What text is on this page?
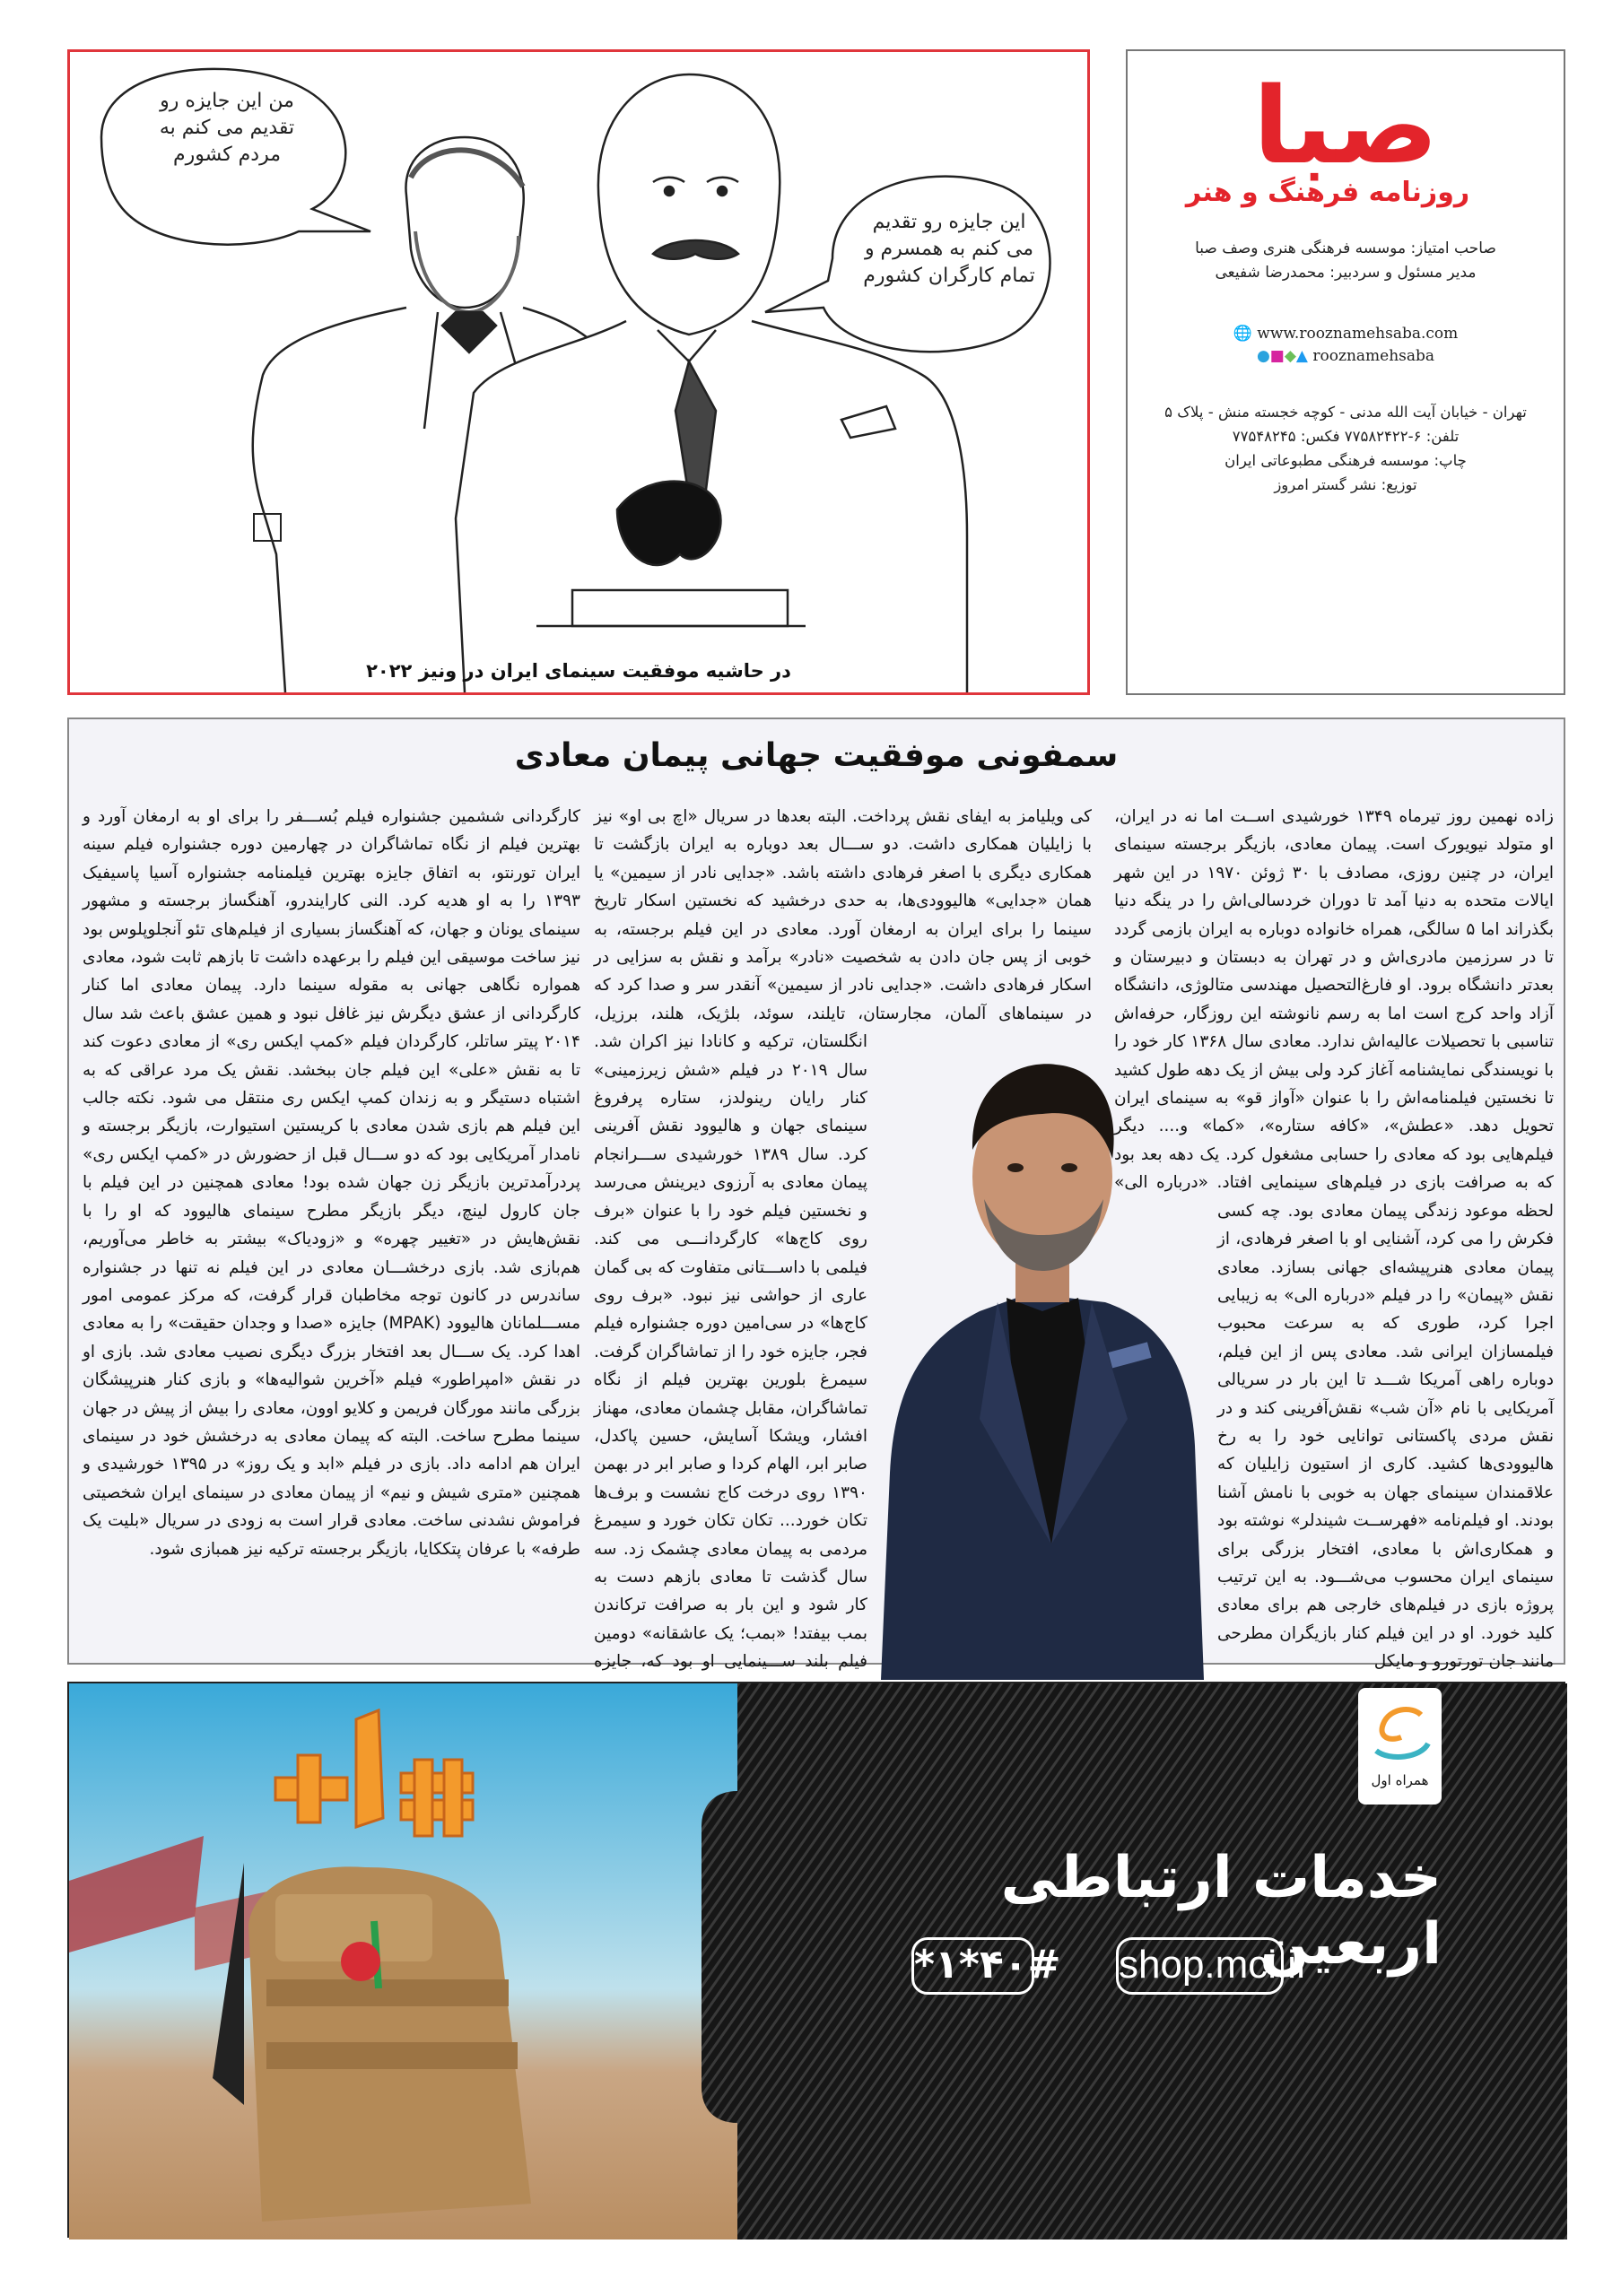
من این جایزه رو
تقدیم می کنم به
مردم کشورم
این جایزه رو تقدیم
می کنم به همسرم و
تمام کارگران کشورم
در حاشیه موفقیت سینمای ایران در ونیز ۲۰۲۲
صبا
روزنامه فرهنگ و هنر
صاحب امتیاز: موسسه فرهنگی هنری وصف صبا
مدیر مسئول و سردبیر: محمدرضا شفیعی
🌐 www.rooznamehsaba.com
●■◆▲ rooznamehsaba
تهران - خیابان آیت الله مدنی - کوچه خجسته منش - پلاک ۵
تلفن: ۶-۷۷۵۸۲۴۲۲ فکس: ۷۷۵۴۸۲۴۵
چاپ: موسسه فرهنگی مطبوعاتی ایران
توزیع: نشر گستر امروز
سمفونی موفقیت جهانی پیمان معادی
زاده نهمین روز تیرماه ۱۳۴۹ خورشیدی اســت اما نه در ایران، او متولد نیویورک است. پیمان معادی، بازیگر برجسته سینمای ایران، در چنین روزی، مصادف با ۳۰ ژوئن ۱۹۷۰ در این شهر ایالات متحده به دنیا آمد تا دوران خردسالی‌اش را در ینگه دنیا بگذراند اما ۵ سالگی، همراه خانواده دوباره به ایران بازمی گردد تا در سرزمین مادری‌اش و در تهران به دبستان و دبیرستان و بعدتر دانشگاه برود. او فارغ‌التحصیل مهندسی متالوژی، دانشگاه آزاد واحد کرج است اما به رسم نانوشته این روزگار، حرفه‌اش تناسبی با تحصیلات عالیه‌اش ندارد. معادی سال ۱۳۶۸ کار خود را با نویسندگی نمایشنامه آغاز کرد ولی بیش از یک دهه طول کشید تا نخستین فیلمنامه‌اش را با عنوان «آواز قو» به سینمای ایران تحویل دهد. «عطش»، «کافه ستاره»، «کما» و.... دیگر فیلم‌هایی بود که معادی را حسابی مشغول کرد. یک دهه بعد بود که به صرافت بازی در فیلم‌های سینمایی افتاد. «درباره الی» لحظه موعود زندگی پیمان معادی بود. چه کسی فکرش را می کرد، آشنایی او با اصغر فرهادی، از پیمان معادی هنرپیشه‌ای جهانی بسازد. معادی نقش «پیمان» را در فیلم «درباره الی» به زیبایی اجرا کرد، طوری که به سرعت محبوب فیلمسازان ایرانی شد. معادی پس از این فیلم، دوباره راهی آمریکا شـــد تا این بار در سریالی آمریکایی با نام «آن شب» نقش‌آفرینی کند و در نقش مردی پاکستانی توانایی خود را به رخ هالیوودی‌ها کشید. کاری از استیون زایلیان که علاقمندان سینمای جهان به خوبی با نامش آشنا بودند. او فیلم‌نامه «فهرســت شیندلر» نوشته بود و همکاری‌اش با معادی، افتخار بزرگی برای سینمای ایران محسوب می‌شـــود. به این ترتیب پروژه بازی در فیلم‌های خارجی هم برای معادی کلید خورد. او در این فیلم کنار بازیگران مطرحی مانند جان تورتورو و مایکل
کی ویلیامز به ایفای نقش پرداخت. البته بعدها در سریال «اچ بی او» نیز با زایلیان همکاری داشت. دو ســـال بعد دوباره به ایران بازگشت تا همکاری دیگری با اصغر فرهادی داشته باشد. «جدایی نادر از سیمین» یا همان «جدایی» هالیوودی‌ها، به حدی درخشید که نخستین اسکار تاریخ سینما را برای ایران به ارمغان آورد. معادی در این فیلم برجسته، به خوبی از پس جان دادن به شخصیت «نادر» برآمد و نقش به سزایی در اسکار فرهادی داشت. «جدایی نادر از سیمین» آنقدر سر و صدا کرد که در سینماهای آلمان، مجارستان، تایلند، سوئد، بلژیک، هلند، برزیل، انگلستان، ترکیه و کانادا نیز اکران شد. سال ۲۰۱۹ در فیلم «شش زیرزمینی» کنار رایان رینولدز، ستاره پرفروغ سینمای جهان و هالیوود نقش آفرینی کرد. سال ۱۳۸۹ خورشیدی ســـرانجام پیمان معادی به آرزوی دیرینش می‌رسد و نخستین فیلم خود را با عنوان «برف روی کاج‌ها» کارگردانـــی می کند. فیلمی با داســـتانی متفاوت که بی گمان عاری از حواشی نیز نبود. «برف روی کاج‌ها» در سی‌امین دوره جشنواره فیلم فجر، جایزه خود را از تماشاگران گرفت. سیمرغ بلورین بهترین فیلم از نگاه تماشاگران، مقابل چشمان معادی، مهناز افشار، ویشکا آسایش، حسین پاکدل، صابر ابر، الهام کردا و صابر ابر در بهمن ۱۳۹۰ روی درخت کاج نشست و برف‌ها تکان خورد... تکان تکان خورد و سیمرغ مردمی به پیمان معادی چشمک زد. سه سال گذشت تا معادی بازهم دست به کار شود و این بار به صرافت ترکاندن بمب بیفتد! «بمب؛ یک عاشقانه» دومین فیلم بلند ســـینمایی او بود که، جایزه
کارگردانی ششمین جشنواره فیلم بُســـفر را برای او به ارمغان آورد و بهترین فیلم از نگاه تماشاگران در چهارمین دوره جشنواره فیلم سینه ایران تورنتو، به اتفاق جایزه بهترین فیلمنامه جشنواره آسیا پاسیفیک ۱۳۹۳ را به او هدیه کرد. النی کارایندرو، آهنگساز برجسته و مشهور سینمای یونان و جهان، که آهنگساز بسیاری از فیلم‌های تئو آنجلوپلوس بود نیز ساخت موسیقی این فیلم را برعهده داشت تا بازهم ثابت شود، معادی همواره نگاهی جهانی به مقوله سینما دارد. پیمان معادی اما کنار کارگردانی از عشق دیگرش نیز غافل نبود و همین عشق باعث شد سال ۲۰۱۴ پیتر ساتلر، کارگردان فیلم «کمپ ایکس ری» از معادی دعوت کند تا به نقش «علی» این فیلم جان ببخشد. نقش یک مرد عراقی که به اشتباه دستیگر و به زندان کمپ ایکس ری منتقل می شود. نکته جالب این فیلم هم بازی شدن معادی با کریستین استیوارت، بازیگر برجسته و نامدار آمریکایی بود که دو ســـال قبل از حضورش در «کمپ ایکس ری» پردرآمدترین بازیگر زن جهان شده بود! معادی همچنین در این فیلم با جان کارول لینچ، دیگر بازیگر مطرح سینمای هالیوود که او را با نقش‌هایش در «تغییر چهره» و «زودیاک» بیشتر به خاطر می‌آوریم، هم‌بازی شد. بازی درخشـــان معادی در این فیلم نه تنها در جشنواره ساندرس در کانون توجه مخاطبان قرار گرفت، که مرکز عمومی امور مســـلمانان هالیوود (MPAK) جایزه «صدا و وجدان حقیقت» را به معادی اهدا کرد. یک ســـال بعد افتخار بزرگ دیگری نصیب معادی شد. بازی او در نقش «امپراطور» فیلم «آخرین شوالیه‌ها» و بازی کنار هنرپیشگان بزرگی مانند مورگان فریمن و کلایو اوون، معادی را بیش از پیش در جهان سینما مطرح ساخت. البته که پیمان معادی به درخشش خود در سینمای ایران هم ادامه داد. بازی در فیلم «ابد و یک روز» در ۱۳۹۵ خورشیدی و همچنین «متری شیش و نیم» از پیمان معادی در سینمای ایران شخصیتی فراموش نشدنی ساخت. معادی قرار است به زودی در سریال «بلیت یک طرفه» با عرفان پتککایا، بازیگر برجسته ترکیه نیز همبازی شود.
همراه اول
خدمات ارتباطی اربعین
shop.mci.ir
*۱*۴۰#
